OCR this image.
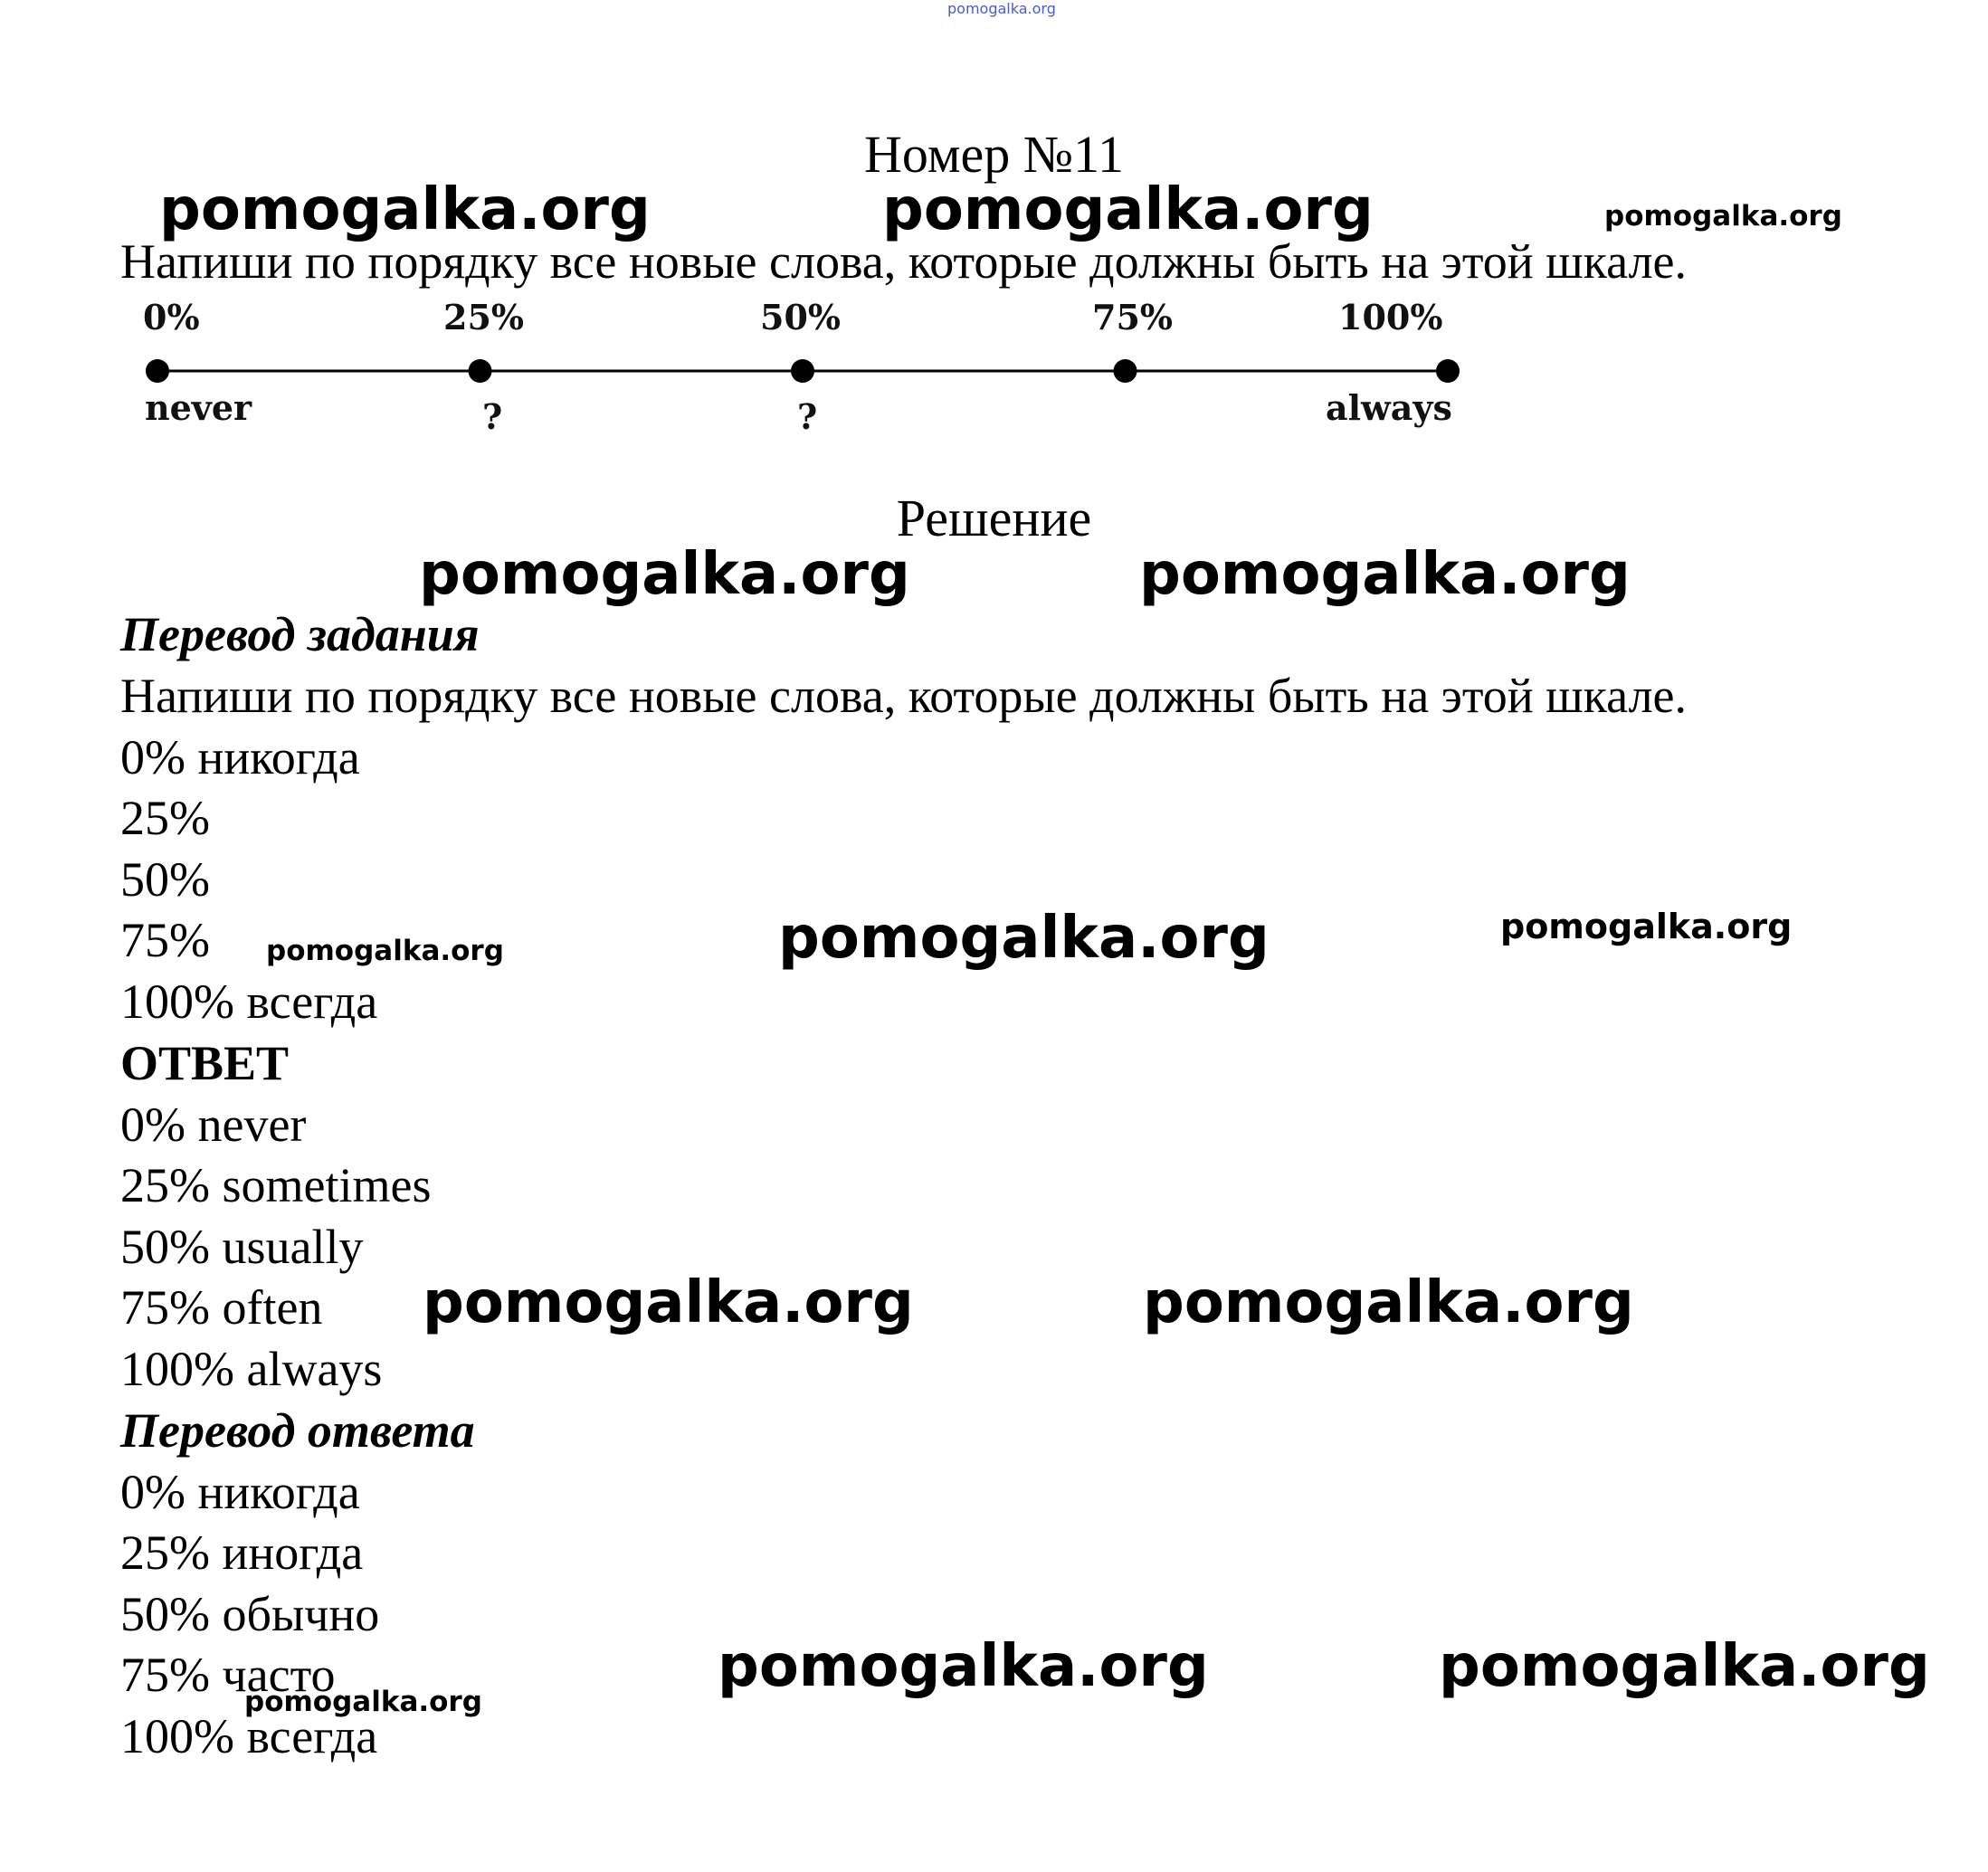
pomogalka.org
Номер №11
pomogalka.org	pomogalka.org	pomogalka.org
Напиши по порядку все новые слова, которые должны быть на этой шкале.
0%	25%	50%	75%	100%
never	?	?	always
Решение
pomogalka.org	pomogalka.org
Перевод задания
Напиши по порядку все новые слова, которые должны быть на этой шкале.
0% никогда
25%
50%
75%
100% всегда
pomogalka.org	pomogalka.org	pomogalka.org
ОТВЕТ
0% never
25% sometimes
50% usually
75% often
100% always
pomogalka.org	pomogalka.org
Перевод ответа
0% никогда
25% иногда
50% обычно
75% часто
100% всегда
pomogalka.org
pomogalka.org	pomogalka.org
